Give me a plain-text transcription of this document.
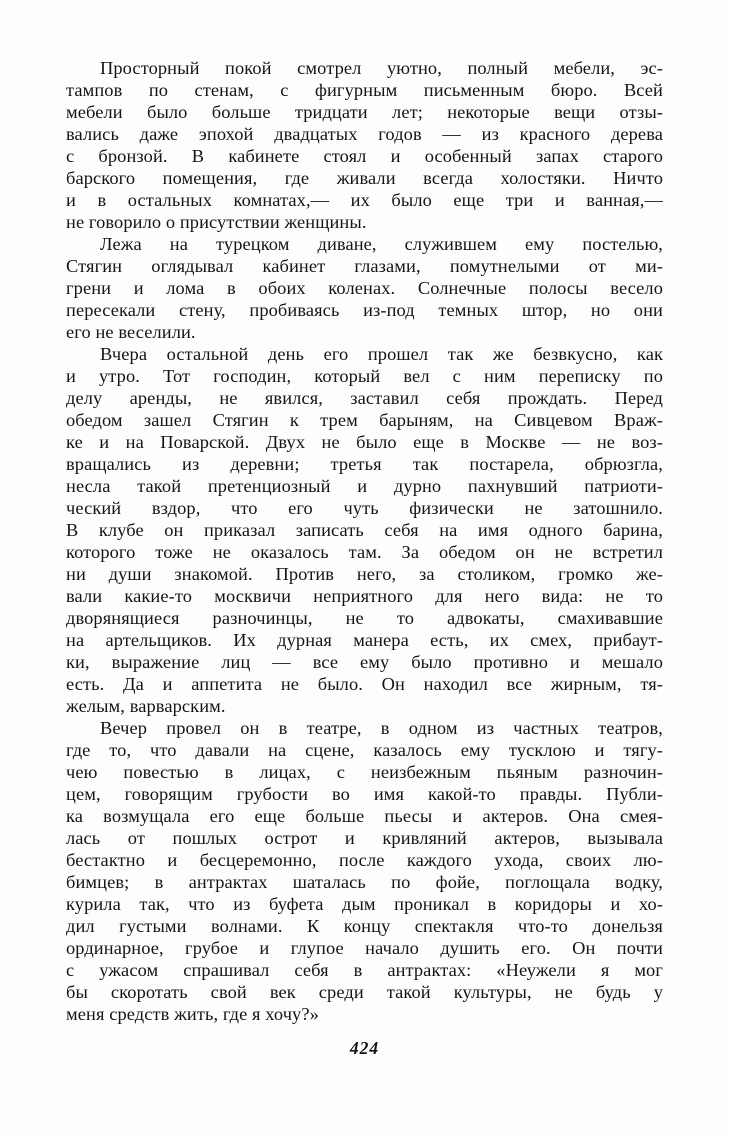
Просторный покой смотрел уютно, полный мебели, эс-
тампов по стенам, с фигурным письменным бюро. Всей
мебели было больше тридцати лет; некоторые вещи отзы-
вались даже эпохой двадцатых годов — из красного дерева
с бронзой. В кабинете стоял и особенный запах старого
барского помещения, где живали всегда холостяки. Ничто
и в остальных комнатах,— их было еще три и ванная,—
не говорило о присутствии женщины.
Лежа на турецком диване, служившем ему постелью,
Стягин оглядывал кабинет глазами, помутнелыми от ми-
грени и лома в обоих коленах. Солнечные полосы весело
пересекали стену, пробиваясь из-под темных штор, но они
его не веселили.
Вчера остальной день его прошел так же безвкусно, как
и утро. Тот господин, который вел с ним переписку по
делу аренды, не явился, заставил себя прождать. Перед
обедом зашел Стягин к трем барыням, на Сивцевом Враж-
ке и на Поварской. Двух не было еще в Москве — не воз-
вращались из деревни; третья так постарела, обрюзгла,
несла такой претенциозный и дурно пахнувший патриоти-
ческий вздор, что его чуть физически не затошнило.
В клубе он приказал записать себя на имя одного барина,
которого тоже не оказалось там. За обедом он не встретил
ни души знакомой. Против него, за столиком, громко же-
вали какие-то москвичи неприятного для него вида: не то
дворянящиеся разночинцы, не то адвокаты, смахивавшие
на артельщиков. Их дурная манера есть, их смех, прибаут-
ки, выражение лиц — все ему было противно и мешало
есть. Да и аппетита не было. Он находил все жирным, тя-
желым, варварским.
Вечер провел он в театре, в одном из частных театров,
где то, что давали на сцене, казалось ему тусклою и тягу-
чею повестью в лицах, с неизбежным пьяным разночин-
цем, говорящим грубости во имя какой-то правды. Публи-
ка возмущала его еще больше пьесы и актеров. Она смея-
лась от пошлых острот и кривляний актеров, вызывала
бестактно и бесцеремонно, после каждого ухода, своих лю-
бимцев; в антрактах шаталась по фойе, поглощала водку,
курила так, что из буфета дым проникал в коридоры и хо-
дил густыми волнами. К концу спектакля что-то донельзя
ординарное, грубое и глупое начало душить его. Он почти
с ужасом спрашивал себя в антрактах: «Неужели я мог
бы скоротать свой век среди такой культуры, не будь у
меня средств жить, где я хочу?»
424
